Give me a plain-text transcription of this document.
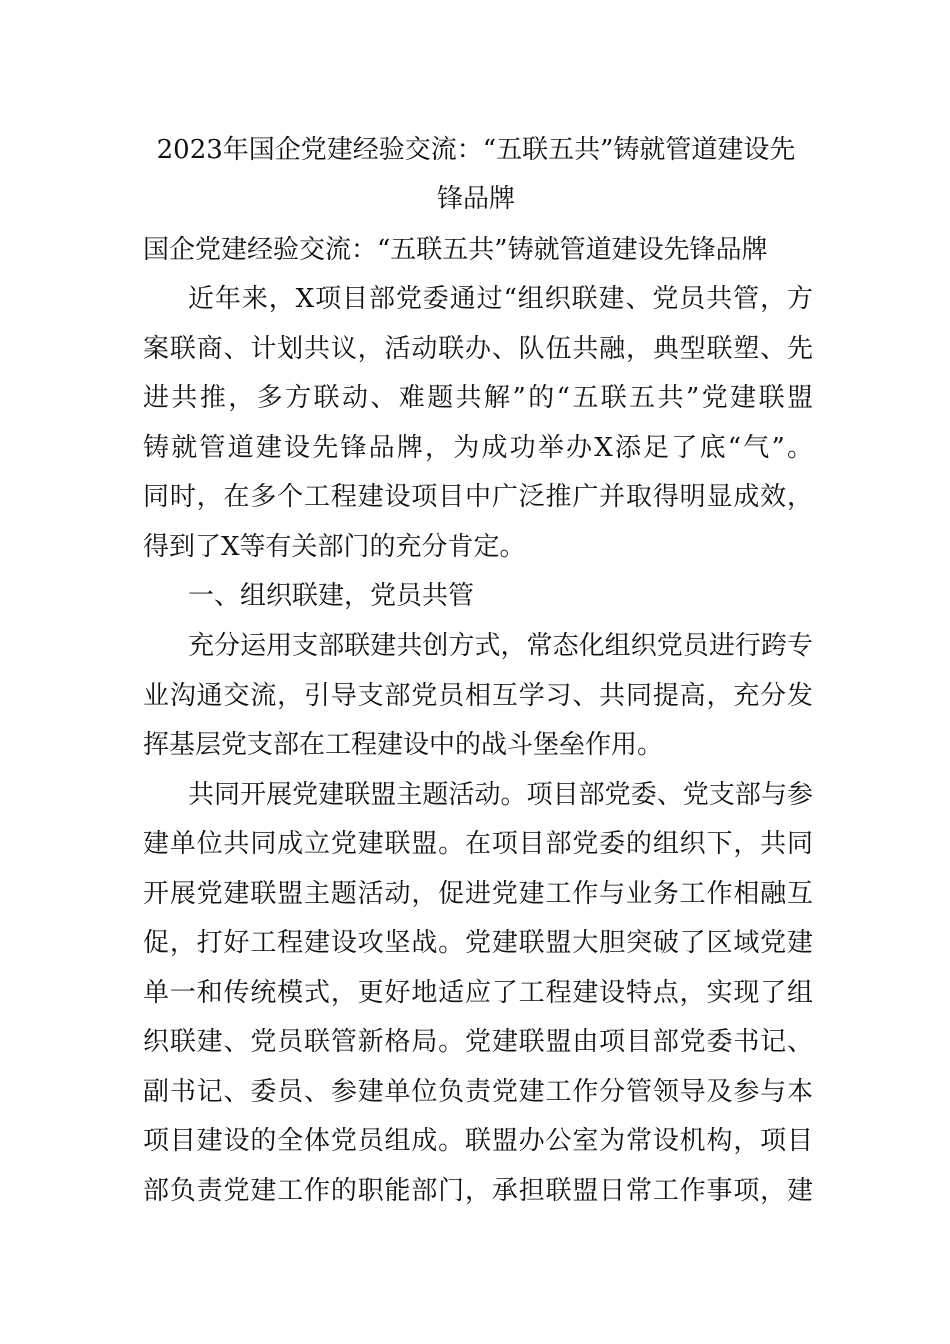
2023年国企党建经验交流：“五联五共”铸就管道建设先
锋品牌

国企党建经验交流：“五联五共”铸就管道建设先锋品牌

近年来，X项目部党委通过“组织联建、党员共管，方

案联商、计划共议，活动联办、队伍共融，典型联塑、先

进共推，多方联动、难题共解”的“五联五共”党建联盟

铸就管道建设先锋品牌，为成功举办X添足了底“气”。

同时，在多个工程建设项目中广泛推广并取得明显成效，

得到了X等有关部门的充分肯定。

一、组织联建，党员共管

充分运用支部联建共创方式，常态化组织党员进行跨专

业沟通交流，引导支部党员相互学习、共同提高，充分发

挥基层党支部在工程建设中的战斗堡垒作用。

共同开展党建联盟主题活动。项目部党委、党支部与参

建单位共同成立党建联盟。在项目部党委的组织下，共同

开展党建联盟主题活动，促进党建工作与业务工作相融互

促，打好工程建设攻坚战。党建联盟大胆突破了区域党建

单一和传统模式，更好地适应了工程建设特点，实现了组

织联建、党员联管新格局。党建联盟由项目部党委书记、

副书记、委员、参建单位负责党建工作分管领导及参与本

项目建设的全体党员组成。联盟办公室为常设机构，项目

部负责党建工作的职能部门，承担联盟日常工作事项，建
